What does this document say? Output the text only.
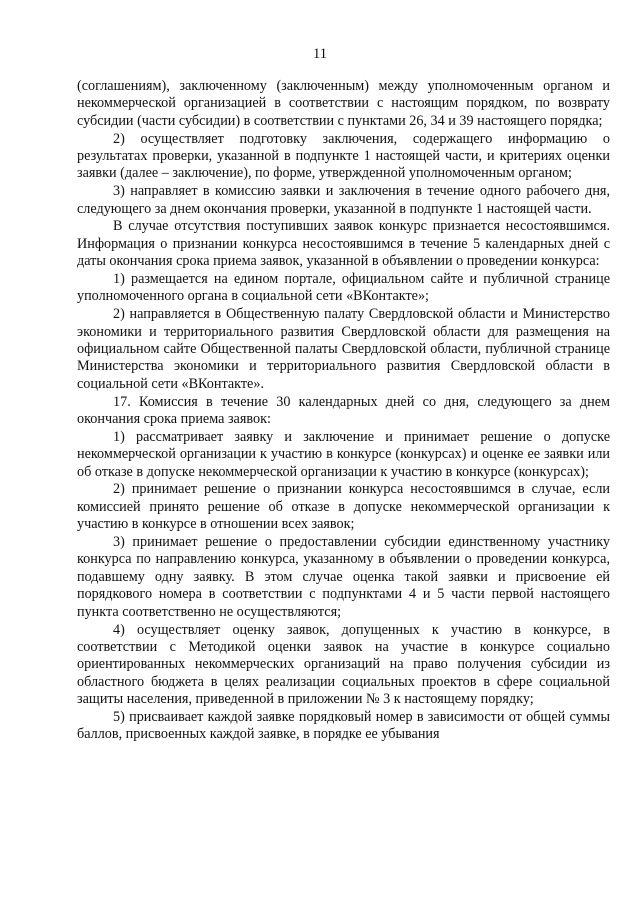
11

(соглашениям), заключенному (заключенным) между уполномоченным органом и некоммерческой организацией в соответствии с настоящим порядком, по возврату субсидии (части субсидии) в соответствии с пунктами 26, 34 и 39 настоящего порядка;

2) осуществляет подготовку заключения, содержащего информацию о результатах проверки, указанной в подпункте 1 настоящей части, и критериях оценки заявки (далее – заключение), по форме, утвержденной уполномоченным органом;

3) направляет в комиссию заявки и заключения в течение одного рабочего дня, следующего за днем окончания проверки, указанной в подпункте 1 настоящей части.

В случае отсутствия поступивших заявок конкурс признается несостоявшимся. Информация о признании конкурса несостоявшимся в течение 5 календарных дней с даты окончания срока приема заявок, указанной в объявлении о проведении конкурса:

1) размещается на едином портале, официальном сайте и публичной странице уполномоченного органа в социальной сети «ВКонтакте»;

2) направляется в Общественную палату Свердловской области и Министерство экономики и территориального развития Свердловской области для размещения на официальном сайте Общественной палаты Свердловской области, публичной странице Министерства экономики и территориального развития Свердловской области в социальной сети «ВКонтакте».

17. Комиссия в течение 30 календарных дней со дня, следующего за днем окончания срока приема заявок:

1) рассматривает заявку и заключение и принимает решение о допуске некоммерческой организации к участию в конкурсе (конкурсах) и оценке ее заявки или об отказе в допуске некоммерческой организации к участию в конкурсе (конкурсах);

2) принимает решение о признании конкурса несостоявшимся в случае, если комиссией принято решение об отказе в допуске некоммерческой организации к участию в конкурсе в отношении всех заявок;

3) принимает решение о предоставлении субсидии единственному участнику конкурса по направлению конкурса, указанному в объявлении о проведении конкурса, подавшему одну заявку. В этом случае оценка такой заявки и присвоение ей порядкового номера в соответствии с подпунктами 4 и 5 части первой настоящего пункта соответственно не осуществляются;

4) осуществляет оценку заявок, допущенных к участию в конкурсе, в соответствии с Методикой оценки заявок на участие в конкурсе социально ориентированных некоммерческих организаций на право получения субсидии из областного бюджета в целях реализации социальных проектов в сфере социальной защиты населения, приведенной в приложении № 3 к настоящему порядку;

5) присваивает каждой заявке порядковый номер в зависимости от общей суммы баллов, присвоенных каждой заявке, в порядке ее убывания
